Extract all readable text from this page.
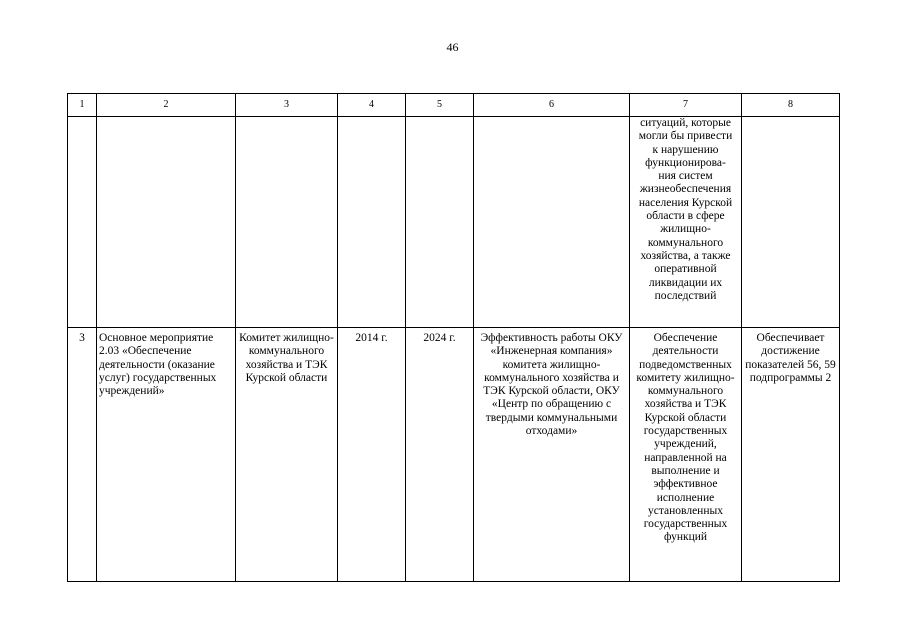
46
1	2	3	4	5	6	7	8
						ситуаций, которые могли бы привести к нарушению функционирова-ния систем жизнеобеспечения населения Курской области в сфере жилищно-коммунального хозяйства, а также оперативной ликвидации их последствий	
3	Основное мероприятие 2.03 «Обеспечение деятельности (оказание услуг) государственных учреждений»	Комитет жилищно-коммунального хозяйства и ТЭК Курской области	2014 г.	2024 г.	Эффективность работы ОКУ «Инженерная компания» комитета жилищно-коммунального хозяйства и ТЭК Курской области, ОКУ «Центр по обращению с твердыми коммунальными отходами»	Обеспечение деятельности подведомственных комитету жилищно-коммунального хозяйства и ТЭК Курской области государственных учреждений, направленной на выполнение и эффективное исполнение установленных государственных функций	Обеспечивает достижение показателей 56, 59 подпрограммы 2
